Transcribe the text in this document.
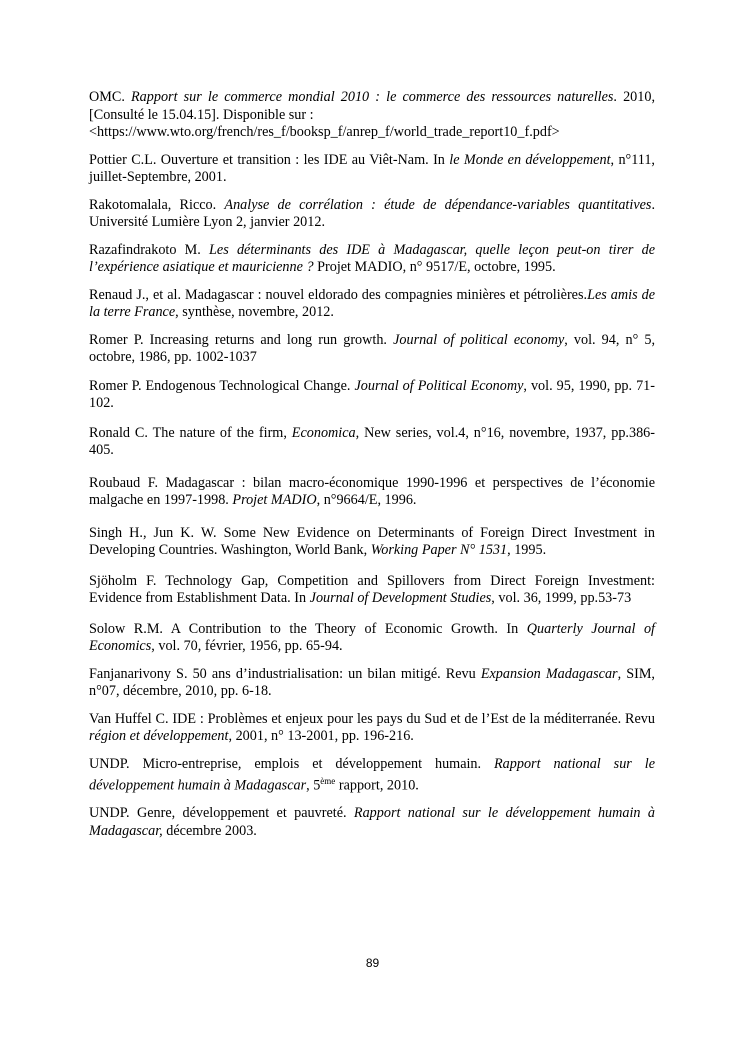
OMC. Rapport sur le commerce mondial 2010 : le commerce des ressources naturelles. 2010, [Consulté le 15.04.15]. Disponible sur :
<https://www.wto.org/french/res_f/booksp_f/anrep_f/world_trade_report10_f.pdf>

Pottier C.L. Ouverture et transition : les IDE au Viêt-Nam. In le Monde en développement, n°111, juillet-Septembre, 2001.

Rakotomalala, Ricco. Analyse de corrélation : étude de dépendance-variables quantitatives. Université Lumière Lyon 2, janvier 2012.

Razafindrakoto M. Les déterminants des IDE à Madagascar, quelle leçon peut-on tirer de l’expérience asiatique et mauricienne ? Projet MADIO, n° 9517/E, octobre, 1995.

Renaud J., et al. Madagascar : nouvel eldorado des compagnies minières et pétrolières.Les amis de la terre France, synthèse, novembre, 2012.

Romer P. Increasing returns and long run growth. Journal of political economy, vol. 94, n° 5, octobre, 1986, pp. 1002-1037

Romer P. Endogenous Technological Change. Journal of Political Economy, vol. 95, 1990, pp. 71-102.

Ronald C. The nature of the firm, Economica, New series, vol.4, n°16, novembre, 1937, pp.386-405.

Roubaud F. Madagascar : bilan macro-économique 1990-1996 et perspectives de l’économie malgache en 1997-1998. Projet MADIO, n°9664/E, 1996.

Singh H., Jun K. W. Some New Evidence on Determinants of Foreign Direct Investment in Developing Countries. Washington, World Bank, Working Paper N° 1531, 1995.

Sjöholm F. Technology Gap, Competition and Spillovers from Direct Foreign Investment: Evidence from Establishment Data. In Journal of Development Studies, vol. 36, 1999, pp.53-73

Solow R.M. A Contribution to the Theory of Economic Growth. In Quarterly Journal of Economics, vol. 70, février, 1956, pp. 65-94.

Fanjanarivony S. 50 ans d’industrialisation: un bilan mitigé. Revu Expansion Madagascar, SIM, n°07, décembre, 2010, pp. 6-18.

Van Huffel C. IDE : Problèmes et enjeux pour les pays du Sud et de l’Est de la méditerranée. Revu région et développement, 2001, n° 13-2001, pp. 196-216.

UNDP. Micro-entreprise, emplois et développement humain. Rapport national sur le développement humain à Madagascar, 5ème rapport, 2010.

UNDP. Genre, développement et pauvreté. Rapport national sur le développement humain à Madagascar, décembre 2003.

89
